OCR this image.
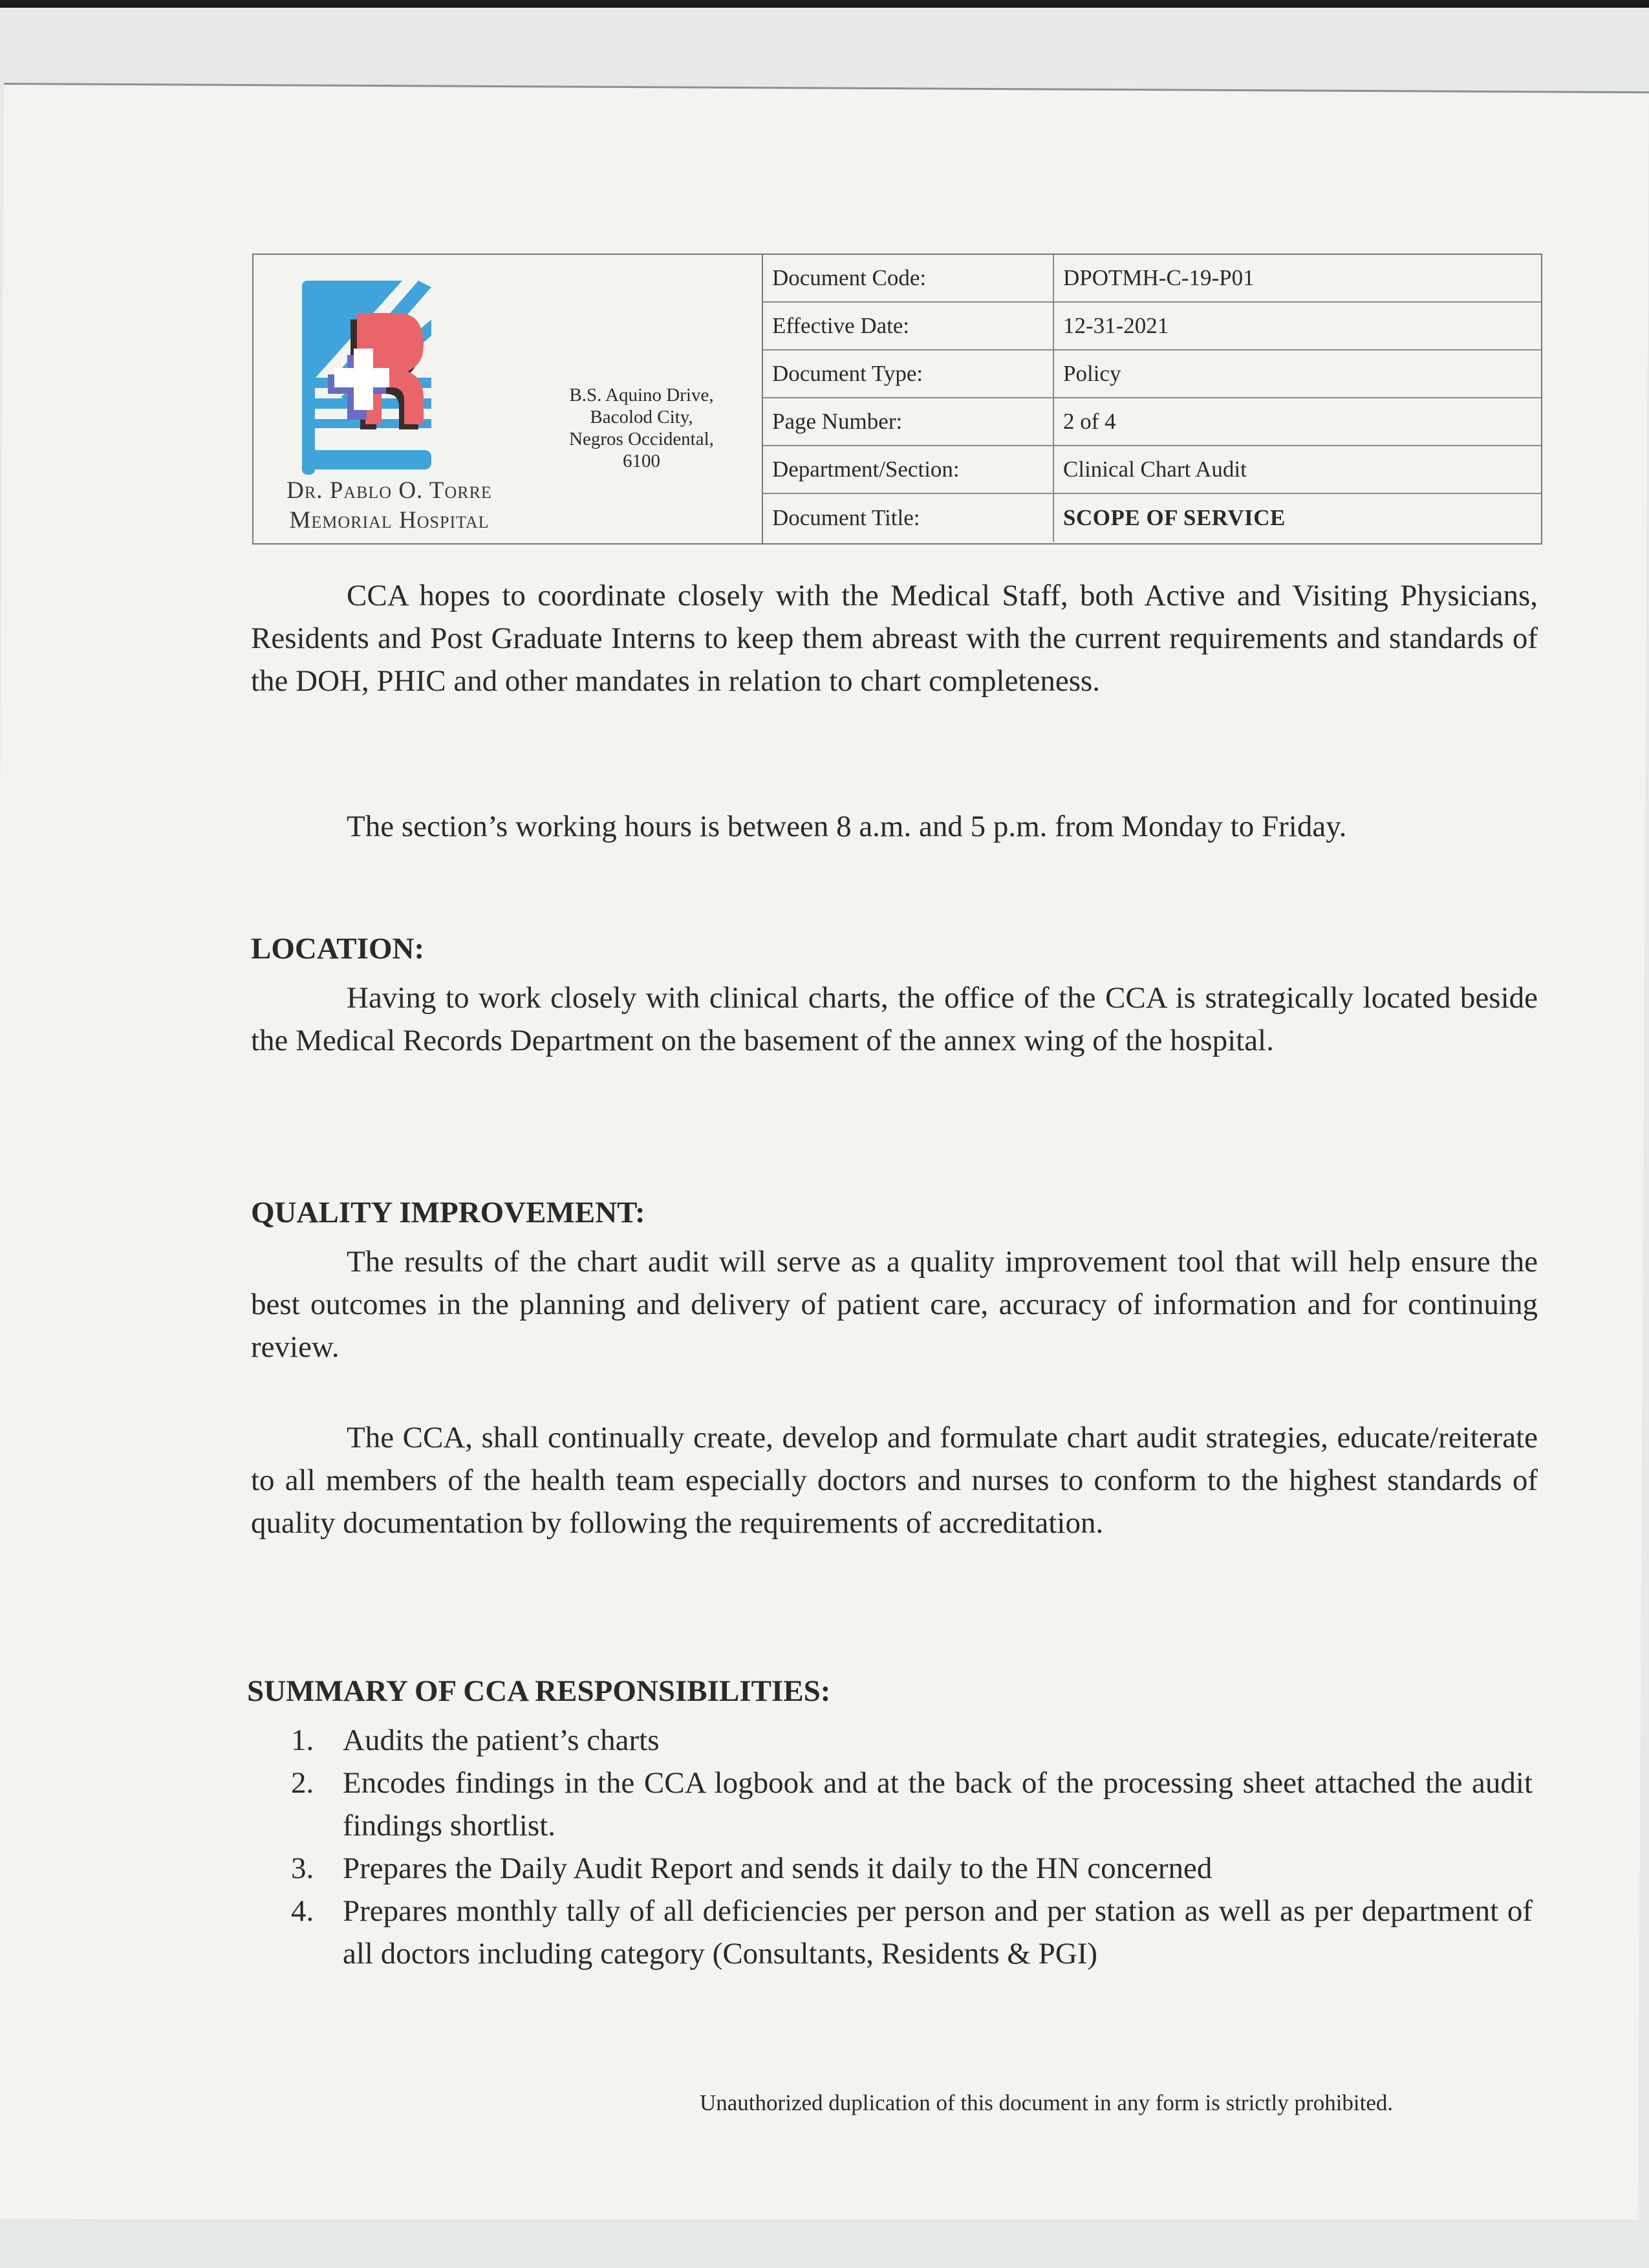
Dr. Pablo O. Torre
Memorial Hospital
B.S. Aquino Drive,
Bacolod City,
Negros Occidental,
6100
Document Code:	DPOTMH-C-19-P01
Effective Date:	12-31-2021
Document Type:	Policy
Page Number:	2 of 4
Department/Section:	Clinical Chart Audit
Document Title:	SCOPE OF SERVICE

CCA hopes to coordinate closely with the Medical Staff, both Active and Visiting Physicians, Residents and Post Graduate Interns to keep them abreast with the current requirements and standards of the DOH, PHIC and other mandates in relation to chart completeness.

The section’s working hours is between 8 a.m. and 5 p.m. from Monday to Friday.

LOCATION:

Having to work closely with clinical charts, the office of the CCA is strategically located beside the Medical Records Department on the basement of the annex wing of the hospital.

QUALITY IMPROVEMENT:

The results of the chart audit will serve as a quality improvement tool that will help ensure the best outcomes in the planning and delivery of patient care, accuracy of information and for continuing review.

The CCA, shall continually create, develop and formulate chart audit strategies, educate/reiterate to all members of the health team especially doctors and nurses to conform to the highest standards of quality documentation by following the requirements of accreditation.

SUMMARY OF CCA RESPONSIBILITIES:
1. Audits the patient’s charts
2. Encodes findings in the CCA logbook and at the back of the processing sheet attached the audit findings shortlist.
3. Prepares the Daily Audit Report and sends it daily to the HN concerned
4. Prepares monthly tally of all deficiencies per person and per station as well as per department of all doctors including category (Consultants, Residents & PGI)
Unauthorized duplication of this document in any form is strictly prohibited.
